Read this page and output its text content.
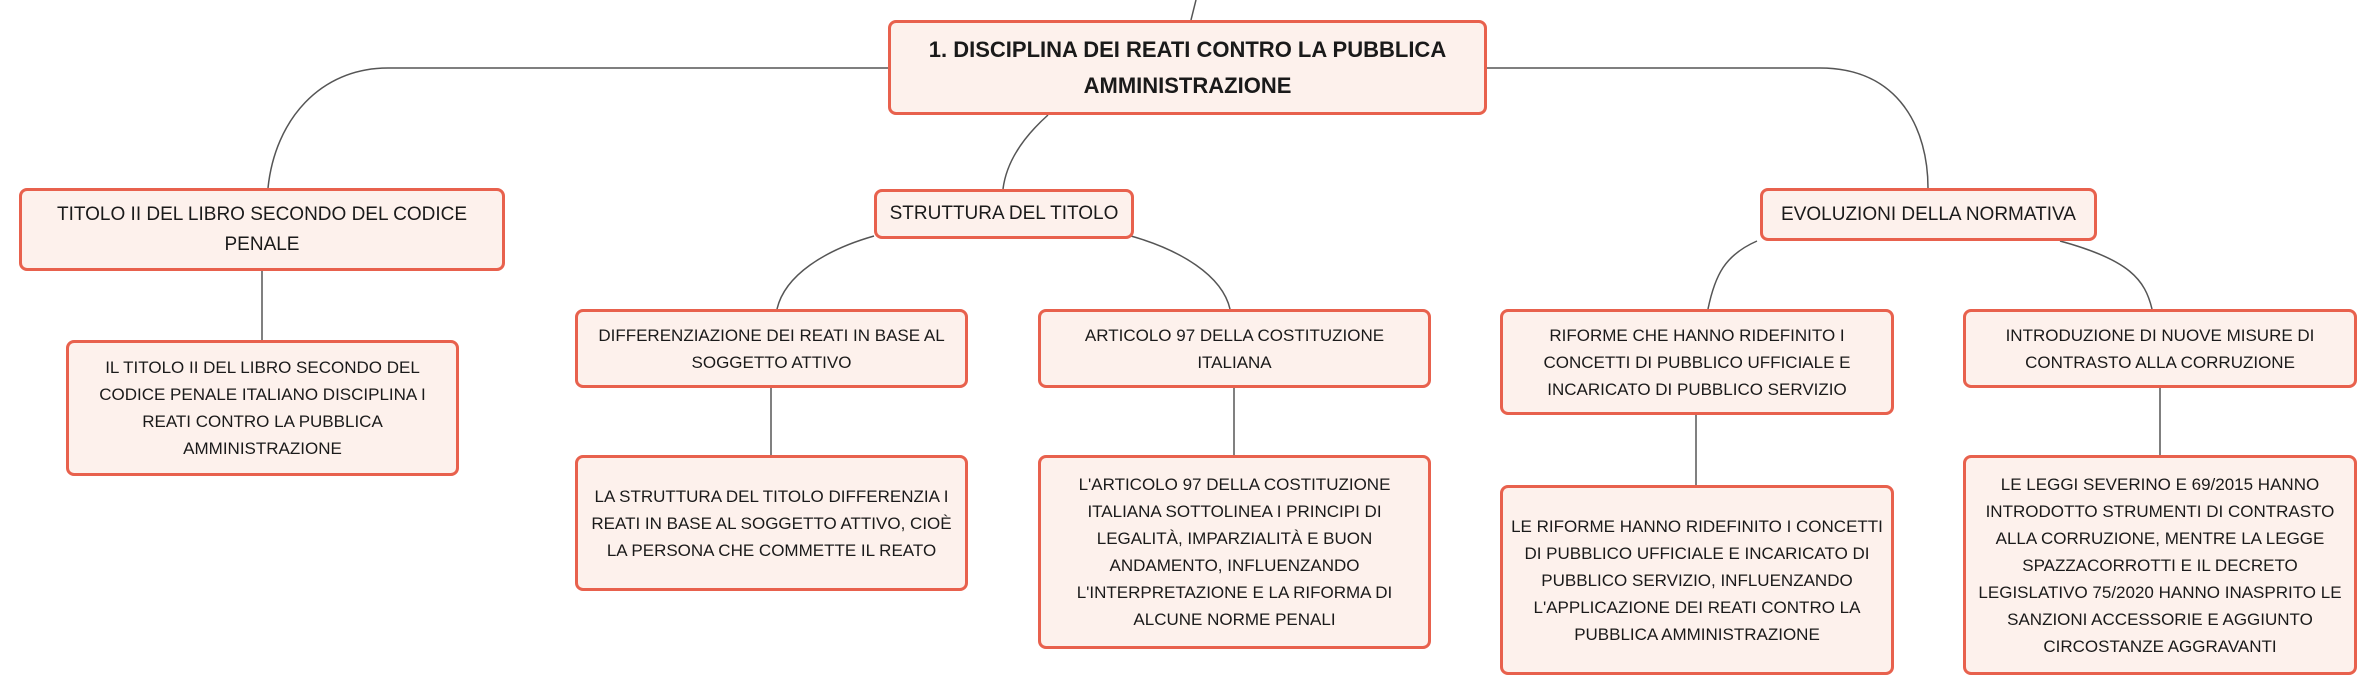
1. DISCIPLINA DEI REATI CONTRO LA PUBBLICA AMMINISTRAZIONE
TITOLO II DEL LIBRO SECONDO DEL CODICE PENALE
STRUTTURA DEL TITOLO	EVOLUZIONI DELLA NORMATIVA
IL TITOLO II DEL LIBRO SECONDO DEL CODICE PENALE ITALIANO DISCIPLINA I REATI CONTRO LA PUBBLICA AMMINISTRAZIONE
DIFFERENZIAZIONE DEI REATI IN BASE AL SOGGETTO ATTIVO
ARTICOLO 97 DELLA COSTITUZIONE ITALIANA
RIFORME CHE HANNO RIDEFINITO I CONCETTI DI PUBBLICO UFFICIALE E INCARICATO DI PUBBLICO SERVIZIO
INTRODUZIONE DI NUOVE MISURE DI CONTRASTO ALLA CORRUZIONE
LA STRUTTURA DEL TITOLO DIFFERENZIA I REATI IN BASE AL SOGGETTO ATTIVO, CIOÈ LA PERSONA CHE COMMETTE IL REATO
L'ARTICOLO 97 DELLA COSTITUZIONE ITALIANA SOTTOLINEA I PRINCIPI DI LEGALITÀ, IMPARZIALITÀ E BUON ANDAMENTO, INFLUENZANDO L'INTERPRETAZIONE E LA RIFORMA DI ALCUNE NORME PENALI
LE RIFORME HANNO RIDEFINITO I CONCETTI DI PUBBLICO UFFICIALE E INCARICATO DI PUBBLICO SERVIZIO, INFLUENZANDO L'APPLICAZIONE DEI REATI CONTRO LA PUBBLICA AMMINISTRAZIONE
LE LEGGI SEVERINO E 69/2015 HANNO INTRODOTTO STRUMENTI DI CONTRASTO ALLA CORRUZIONE, MENTRE LA LEGGE SPAZZACORROTTI E IL DECRETO LEGISLATIVO 75/2020 HANNO INASPRITO LE SANZIONI ACCESSORIE E AGGIUNTO CIRCOSTANZE AGGRAVANTI
